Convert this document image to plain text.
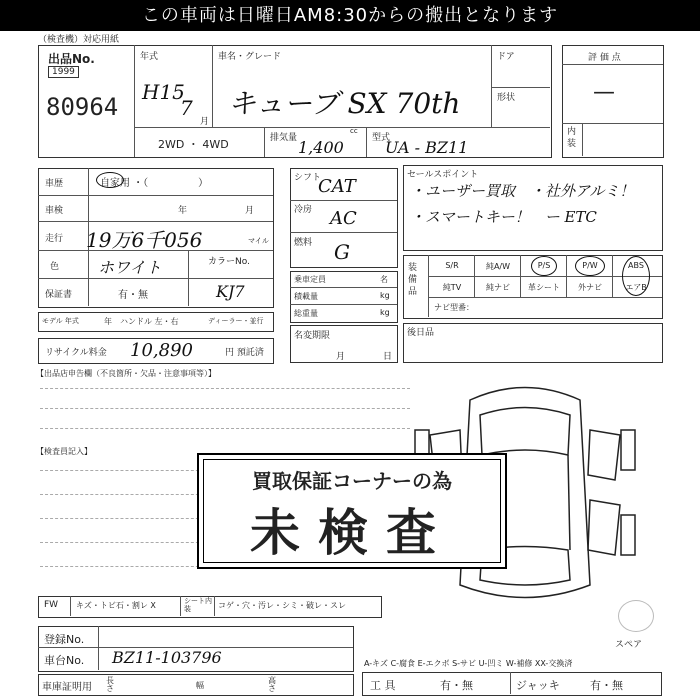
この車両は日曜日AM8:30からの搬出となります
（検査機）対応用紙
出品No.
1999
80964
年式
H15
7
月
車名・グレード
キューブ SX 70th
ドア
形状
2WD ・ 4WD	排気量
cc
1,400	型式
UA - BZ11
評 価 点
—
内装
車歴	自家用 ・（　　　　　）
車検	年	月
走行 19万6千056	マイル
色 ホワイト	カラーNo.
KJ7
保証書	有・無
モデル 年式	年 ハンドル 左・右	ディーラー・並行
リサイクル料金 10,890	円 預託済
シフト
CAT
冷房 AC
燃料 G
乗車定員	名
積載量	kg
総重量	kg
名変期限
月	日
セールスポイント
・ユーザー買取　・社外アルミ！
・スマートキー！　ー ETC
装備品
S/R	純A/W	P/S	P/W	ABS
純TV	純ナビ	革シート	外ナビ	エアB
ナビ型番：
後日品
【出品店申告欄（不良箇所・欠品・注意事項等）】
【検査員記入】
スペア
買取保証コーナーの為
未検査
FW キズ・トビ石・割レ X	シート内装	コゲ・穴・汚レ・シミ・破レ・スレ
登録No.
車台No. BZ11-103796
車庫証明用
長さ	幅
高さ
A-キズ C-腐食 E-エクボ S-サビ U-凹ミ W-補修 XX-交換済
工 具	有・無	ジャッキ	有・無
